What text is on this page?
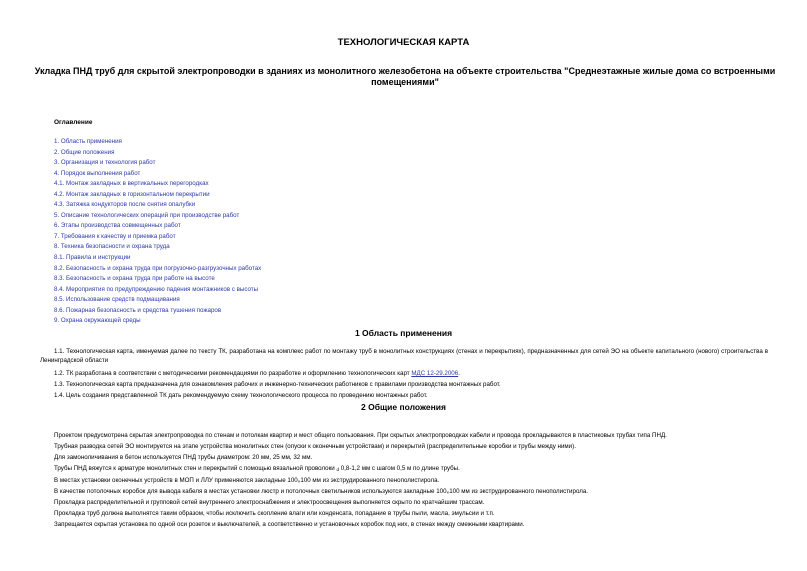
ТЕХНОЛОГИЧЕСКАЯ КАРТА
Укладка ПНД труб для скрытой электропроводки в зданиях из монолитного железобетона на объекте строительства "Среднеэтажные жилые дома со встроенными помещениями"
Оглавление
1. Область применения
2. Общие положения
3. Организация и технология работ
4. Порядок выполнения работ
4.1. Монтаж закладных в вертикальных перегородках
4.2. Монтаж закладных в горизонтальном перекрытии
4.3. Затяжка кондукторов после снятия опалубки
5. Описание технологических операций при производстве работ
6. Этапы производства совмещенных работ
7. Требования к качеству и приемка работ
8. Техника безопасности и охрана труда
8.1. Правила и инструкции
8.2. Безопасность и охрана труда при погрузочно-разгрузочных работах
8.3. Безопасность и охрана труда при работе на высоте
8.4. Мероприятия по предупреждению падения монтажников с высоты
8.5. Использование средств подмащивания
8.6. Пожарная безопасность и средства тушения пожаров
9. Охрана окружающей среды
1 Область применения

1.1. Технологическая карта, именуемая далее по тексту ТК, разработана на комплекс работ по монтажу труб в монолитных конструкциях (стенах и перекрытиях), предназначенных для сетей ЭО на объекте капитального (нового) строительства в Ленинградской области

1.2. ТК разработана в соответствии с методическими рекомендациями по разработке и оформлению технологических карт МДС 12-29.2006.

1.3. Технологическая карта предназначена для ознакомления рабочих и инженерно-технических работников с правилами производства монтажных работ.

1.4. Цель создания представленной ТК дать рекомендуемую схему технологического процесса по проведению монтажных работ.

2 Общие положения

Проектом предусмотрена скрытая электропроводка по стенам и потолкам квартир и мест общего пользования. При скрытых электропроводках кабели и провода прокладываются в пластиковых трубах типа ПНД.

Трубная разводка сетей ЭО монтируется на этапе устройства монолитных стен (опуски к оконечным устройствам) и перекрытий (распределительные коробки и трубы между ними).

Для замоноличивания в бетон используется ПНД трубы диаметром: 20 мм, 25 мм, 32 мм.

Трубы ПНД вяжутся к арматуре монолитных стен и перекрытий с помощью вязальной проволоки $_d$ 0,8-1,2 мм с шагом 0,5 м по длине трубы.

В местах установки оконечных устройств в МОП и ЛЛУ применяются закладные $100_\times 100$ мм из экструдированного пенополистирола.

В качестве потолочных коробок для вывода кабеля в местах установки люстр и потолочных светильников используются закладные $100_\times 100$ мм из экструдированного пенополистирола.

Прокладка распределительной и групповой сетей внутреннего электроснабжения и электроосвещения выполняется скрыто по кратчайшим трассам.

Прокладка труб должна выполнятся таким образом, чтобы исключить скопление влаги или конденсата, попадание в трубы пыли, масла, эмульсии и т.п.

Запрещается скрытая установка по одной оси розеток и выключателей, а соответственно и установочных коробок под них, в стенах между смежными квартирами.
